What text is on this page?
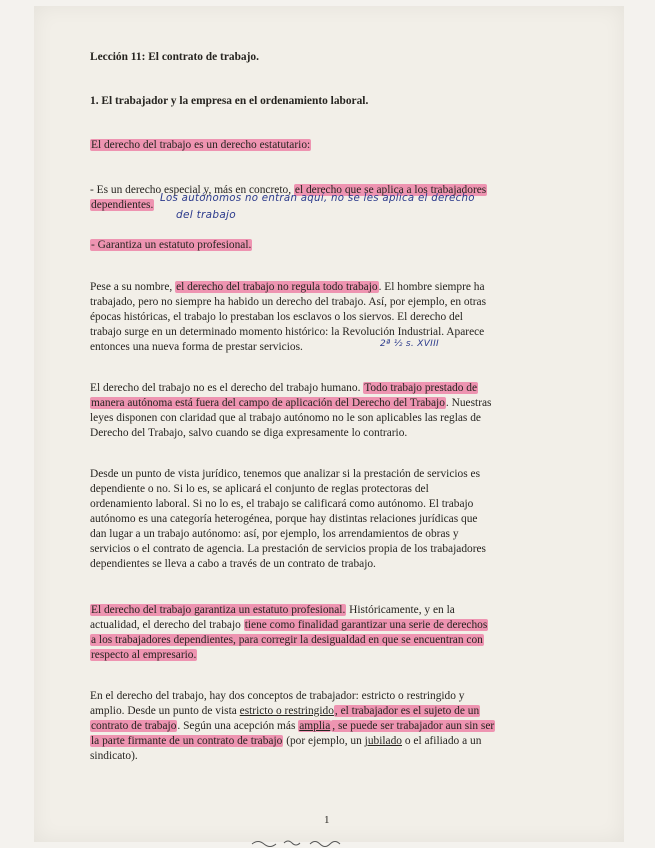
Lección 11: El contrato de trabajo.
1. El trabajador y la empresa en el ordenamiento laboral.
El derecho del trabajo es un derecho estatutario:
- Es un derecho especial y, más en concreto, el derecho que se aplica a los trabajadores
dependientes.
Los autónomos no entran aquí, no se les aplica el derecho
del trabajo
- Garantiza un estatuto profesional.
Pese a su nombre, el derecho del trabajo no regula todo trabajo. El hombre siempre ha
trabajado, pero no siempre ha habido un derecho del trabajo. Así, por ejemplo, en otras
épocas históricas, el trabajo lo prestaban los esclavos o los siervos. El derecho del
trabajo surge en un determinado momento histórico: la Revolución Industrial. Aparece
entonces una nueva forma de prestar servicios.	2ª ½ s. XVIII
El derecho del trabajo no es el derecho del trabajo humano. Todo trabajo prestado de
manera autónoma está fuera del campo de aplicación del Derecho del Trabajo. Nuestras
leyes disponen con claridad que al trabajo autónomo no le son aplicables las reglas de
Derecho del Trabajo, salvo cuando se diga expresamente lo contrario.
Desde un punto de vista jurídico, tenemos que analizar si la prestación de servicios es
dependiente o no. Si lo es, se aplicará el conjunto de reglas protectoras del
ordenamiento laboral. Si no lo es, el trabajo se calificará como autónomo. El trabajo
autónomo es una categoría heterogénea, porque hay distintas relaciones jurídicas que
dan lugar a un trabajo autónomo: así, por ejemplo, los arrendamientos de obras y
servicios o el contrato de agencia. La prestación de servicios propia de los trabajadores
dependientes se lleva a cabo a través de un contrato de trabajo.
El derecho del trabajo garantiza un estatuto profesional. Históricamente, y en la
actualidad, el derecho del trabajo tiene como finalidad garantizar una serie de derechos
a los trabajadores dependientes, para corregir la desigualdad en que se encuentran con
respecto al empresario.
En el derecho del trabajo, hay dos conceptos de trabajador: estricto o restringido y
amplio. Desde un punto de vista estricto o restringido, el trabajador es el sujeto de un
contrato de trabajo. Según una acepción más amplia , se puede ser trabajador aun sin ser
la parte firmante de un contrato de trabajo (por ejemplo, un jubilado o el afiliado a un
sindicato).
1
